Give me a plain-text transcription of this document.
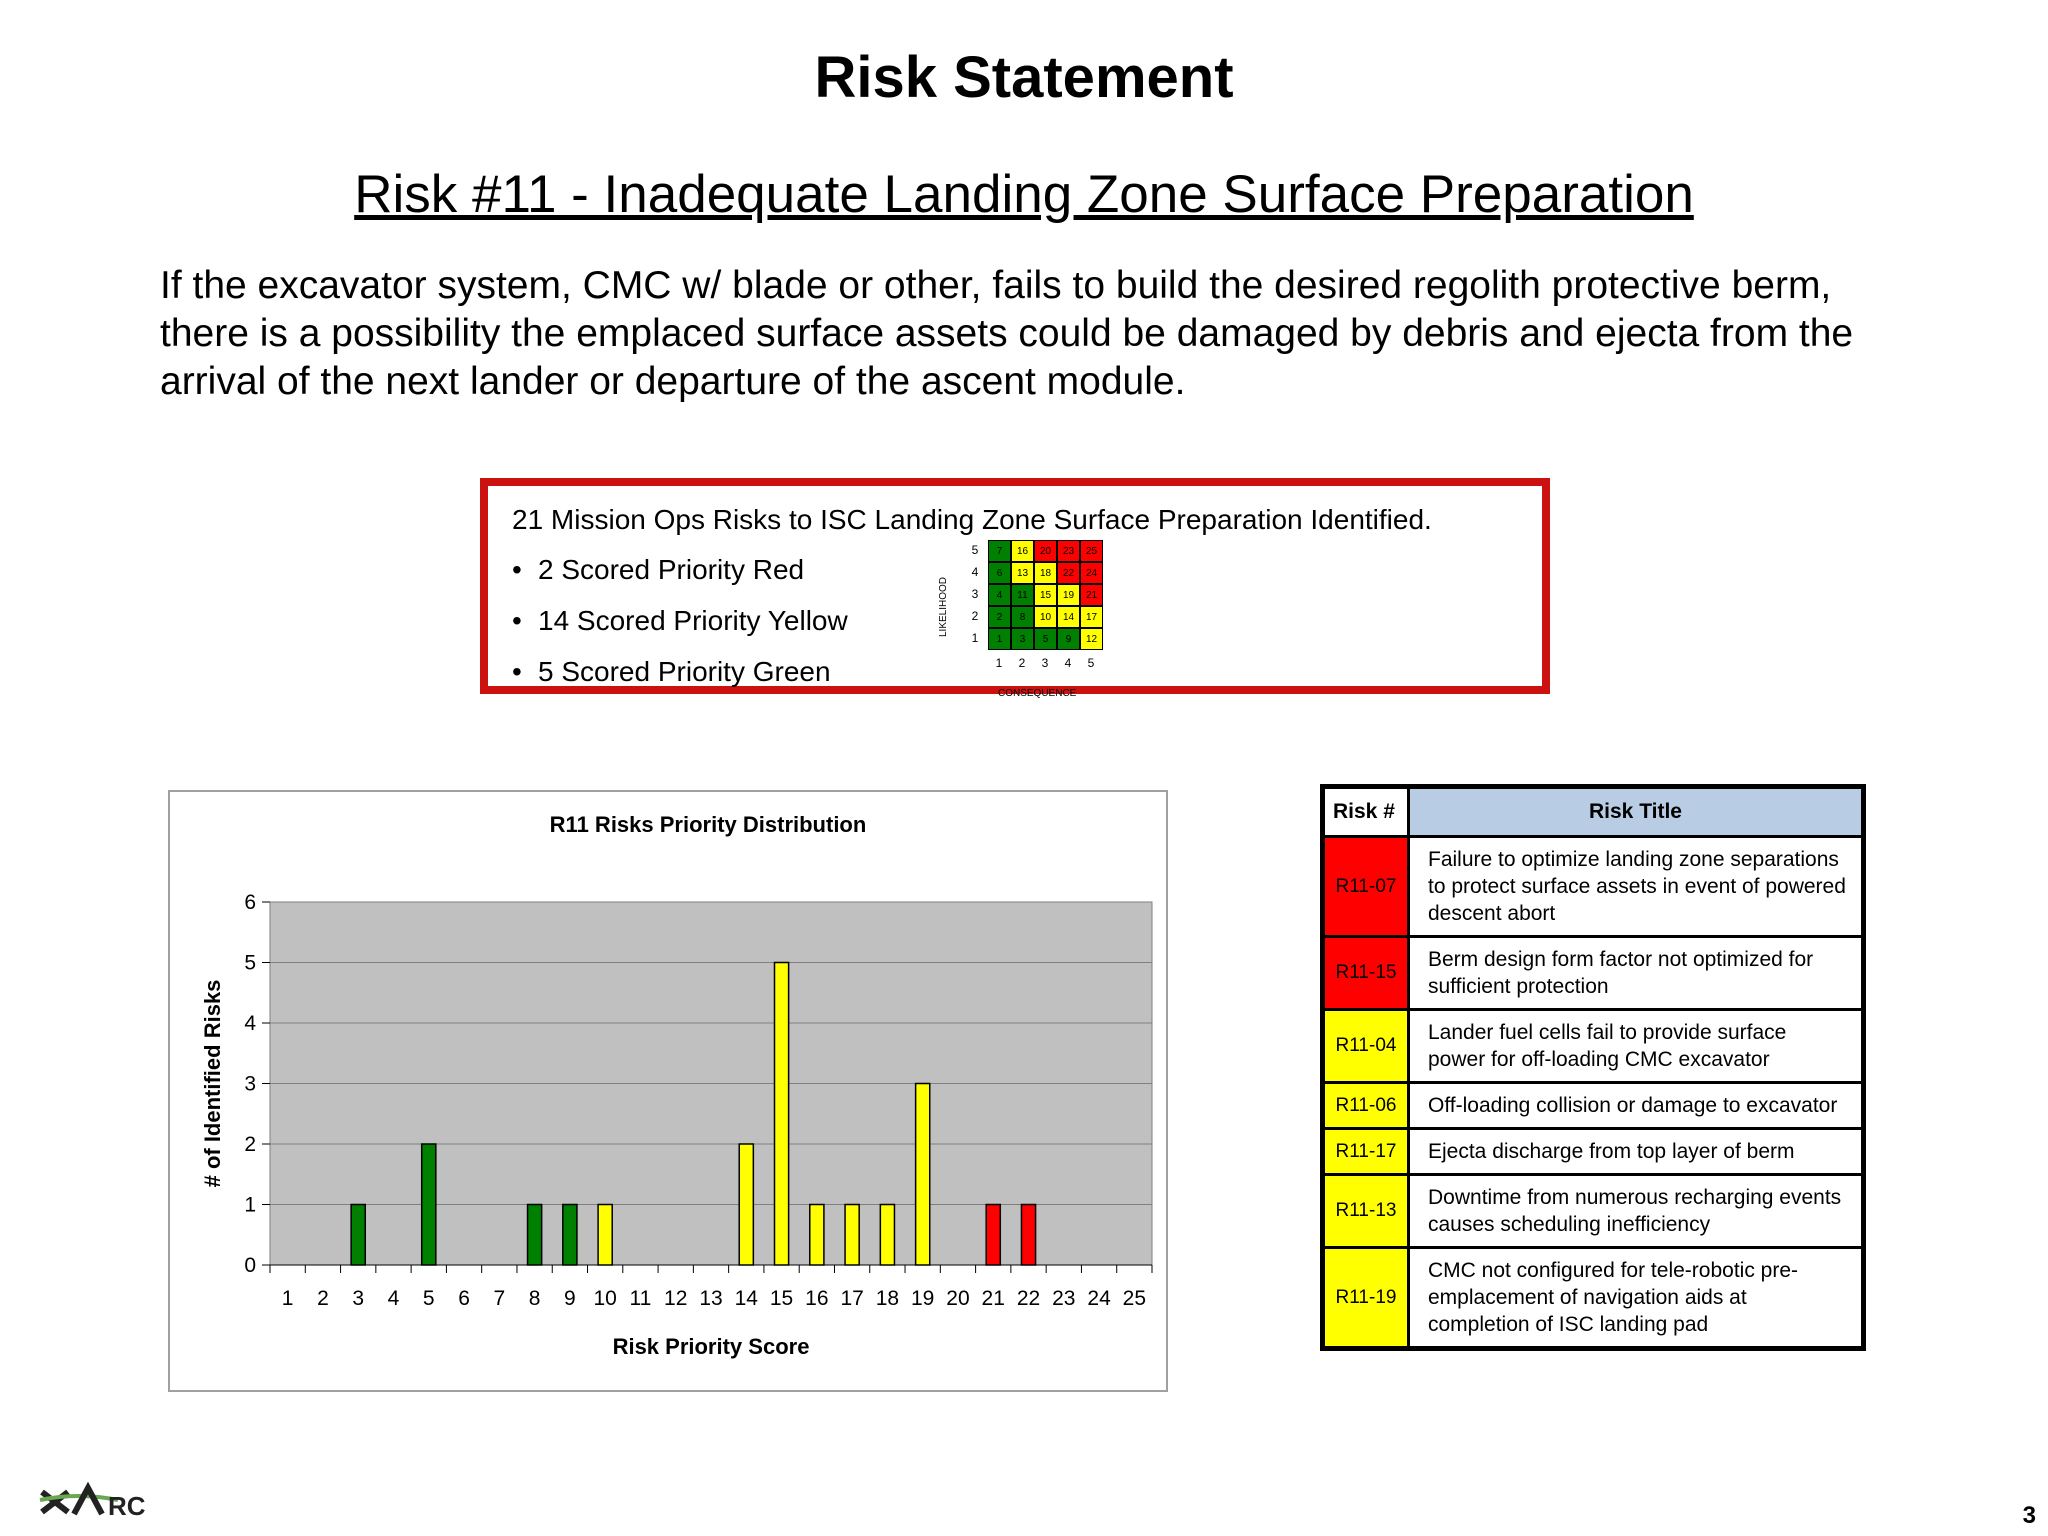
Risk Statement
Risk #11 - Inadequate Landing Zone Surface Preparation
If the excavator system, CMC w/ blade or other, fails to build the desired regolith protective berm,
there is a possibility the emplaced surface assets could be damaged by debris and ejecta from the
arrival of the next lander or departure of the ascent module.
21 Mission Ops Risks to ISC Landing Zone Surface Preparation Identified.
• 2 Scored Priority Red
• 14 Scored Priority Yellow
• 5 Scored Priority Green
LIKELIHOOD
CONSEQUENCE
5	7	16	20	23	25
4	6	13	18	22	24
3	4	11	15	19	21
2	2	8	10	14	17
1	1	3	5	9	12
1	2	3	4	5
R11 Risks Priority Distribution
0
1
2
3
4
5
6
1 2 3 4 5 6 7 8 9 10 11 12 13 14 15 16 17 18 19 20 21 22 23 24 25
Risk Priority Score
# of Identified Risks
Risk #	Risk Title
R11-07	Failure to optimize landing zone separations to protect surface assets in event of powered descent abort
R11-15	Berm design form factor not optimized for sufficient protection
R11-04	Lander fuel cells fail to provide surface power for off-loading CMC excavator
R11-06	Off-loading collision or damage to excavator
R11-17	Ejecta discharge from top layer of berm
R11-13	Downtime from numerous recharging events causes scheduling inefficiency
R11-19	CMC not configured for tele-robotic pre-emplacement of navigation aids at completion of ISC landing pad
RC	3
